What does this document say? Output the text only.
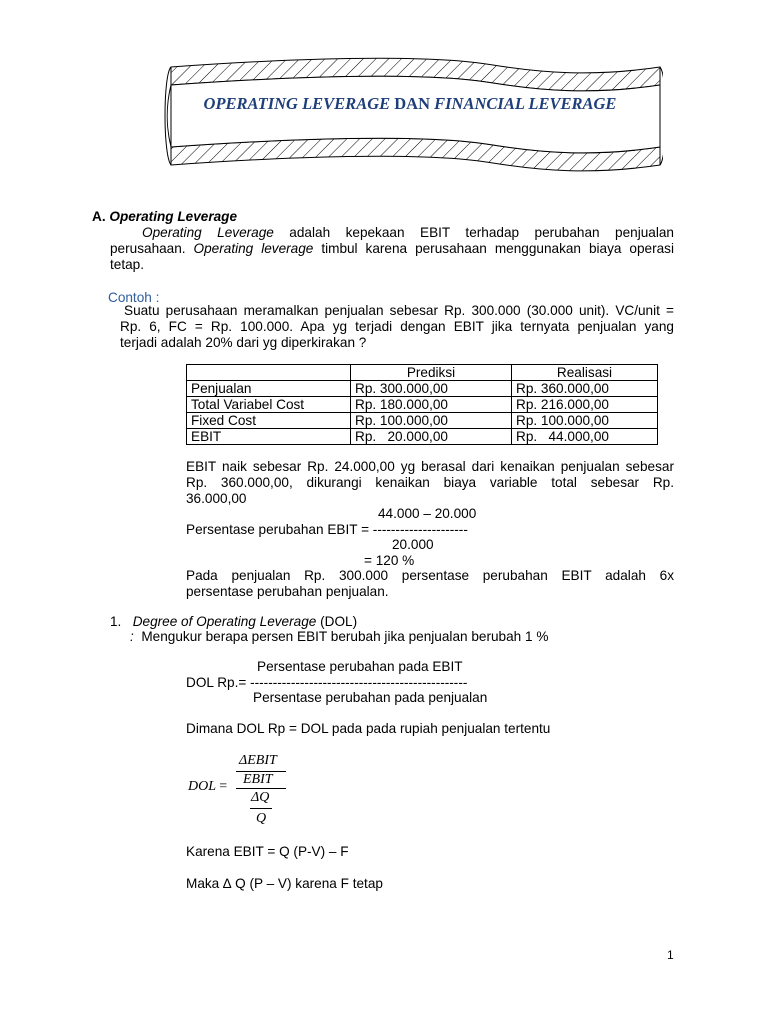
OPERATING LEVERAGE DAN FINANCIAL LEVERAGE
A. Operating Leverage
Operating Leverage adalah kepekaan EBIT terhadap perubahan penjualan
perusahaan. Operating leverage timbul karena perusahaan menggunakan biaya operasi
tetap.
Contoh :
Suatu perusahaan meramalkan penjualan sebesar Rp. 300.000 (30.000 unit). VC/unit =
Rp. 6, FC = Rp. 100.000. Apa yg terjadi dengan EBIT jika ternyata penjualan yang
terjadi adalah 20% dari yg diperkirakan ?
	Prediksi	Realisasi
Penjualan	Rp. 300.000,00	Rp. 360.000,00
Total Variabel Cost	Rp. 180.000,00	Rp. 216.000,00
Fixed Cost	Rp. 100.000,00	Rp. 100.000,00
EBIT	Rp.   20.000,00	Rp.   44.000,00
EBIT naik sebesar Rp. 24.000,00 yg berasal dari kenaikan penjualan sebesar
Rp. 360.000,00, dikurangi kenaikan biaya variable total sebesar Rp.
36.000,00
44.000 – 20.000
Persentase perubahan EBIT = ---------------------
20.000
= 120 %
Pada penjualan Rp. 300.000 persentase perubahan EBIT adalah 6x
persentase perubahan penjualan.
1. Degree of Operating Leverage (DOL)
: Mengukur berapa persen EBIT berubah jika penjualan berubah 1 %
Persentase perubahan pada EBIT
DOL Rp.= ------------------------------------------------
Persentase perubahan pada penjualan
Dimana DOL Rp = DOL pada pada rupiah penjualan tertentu
DOL =
ΔEBIT
EBIT
ΔQ
Q
Karena EBIT = Q (P-V) – F
Maka ∆ Q (P – V) karena F tetap
1
